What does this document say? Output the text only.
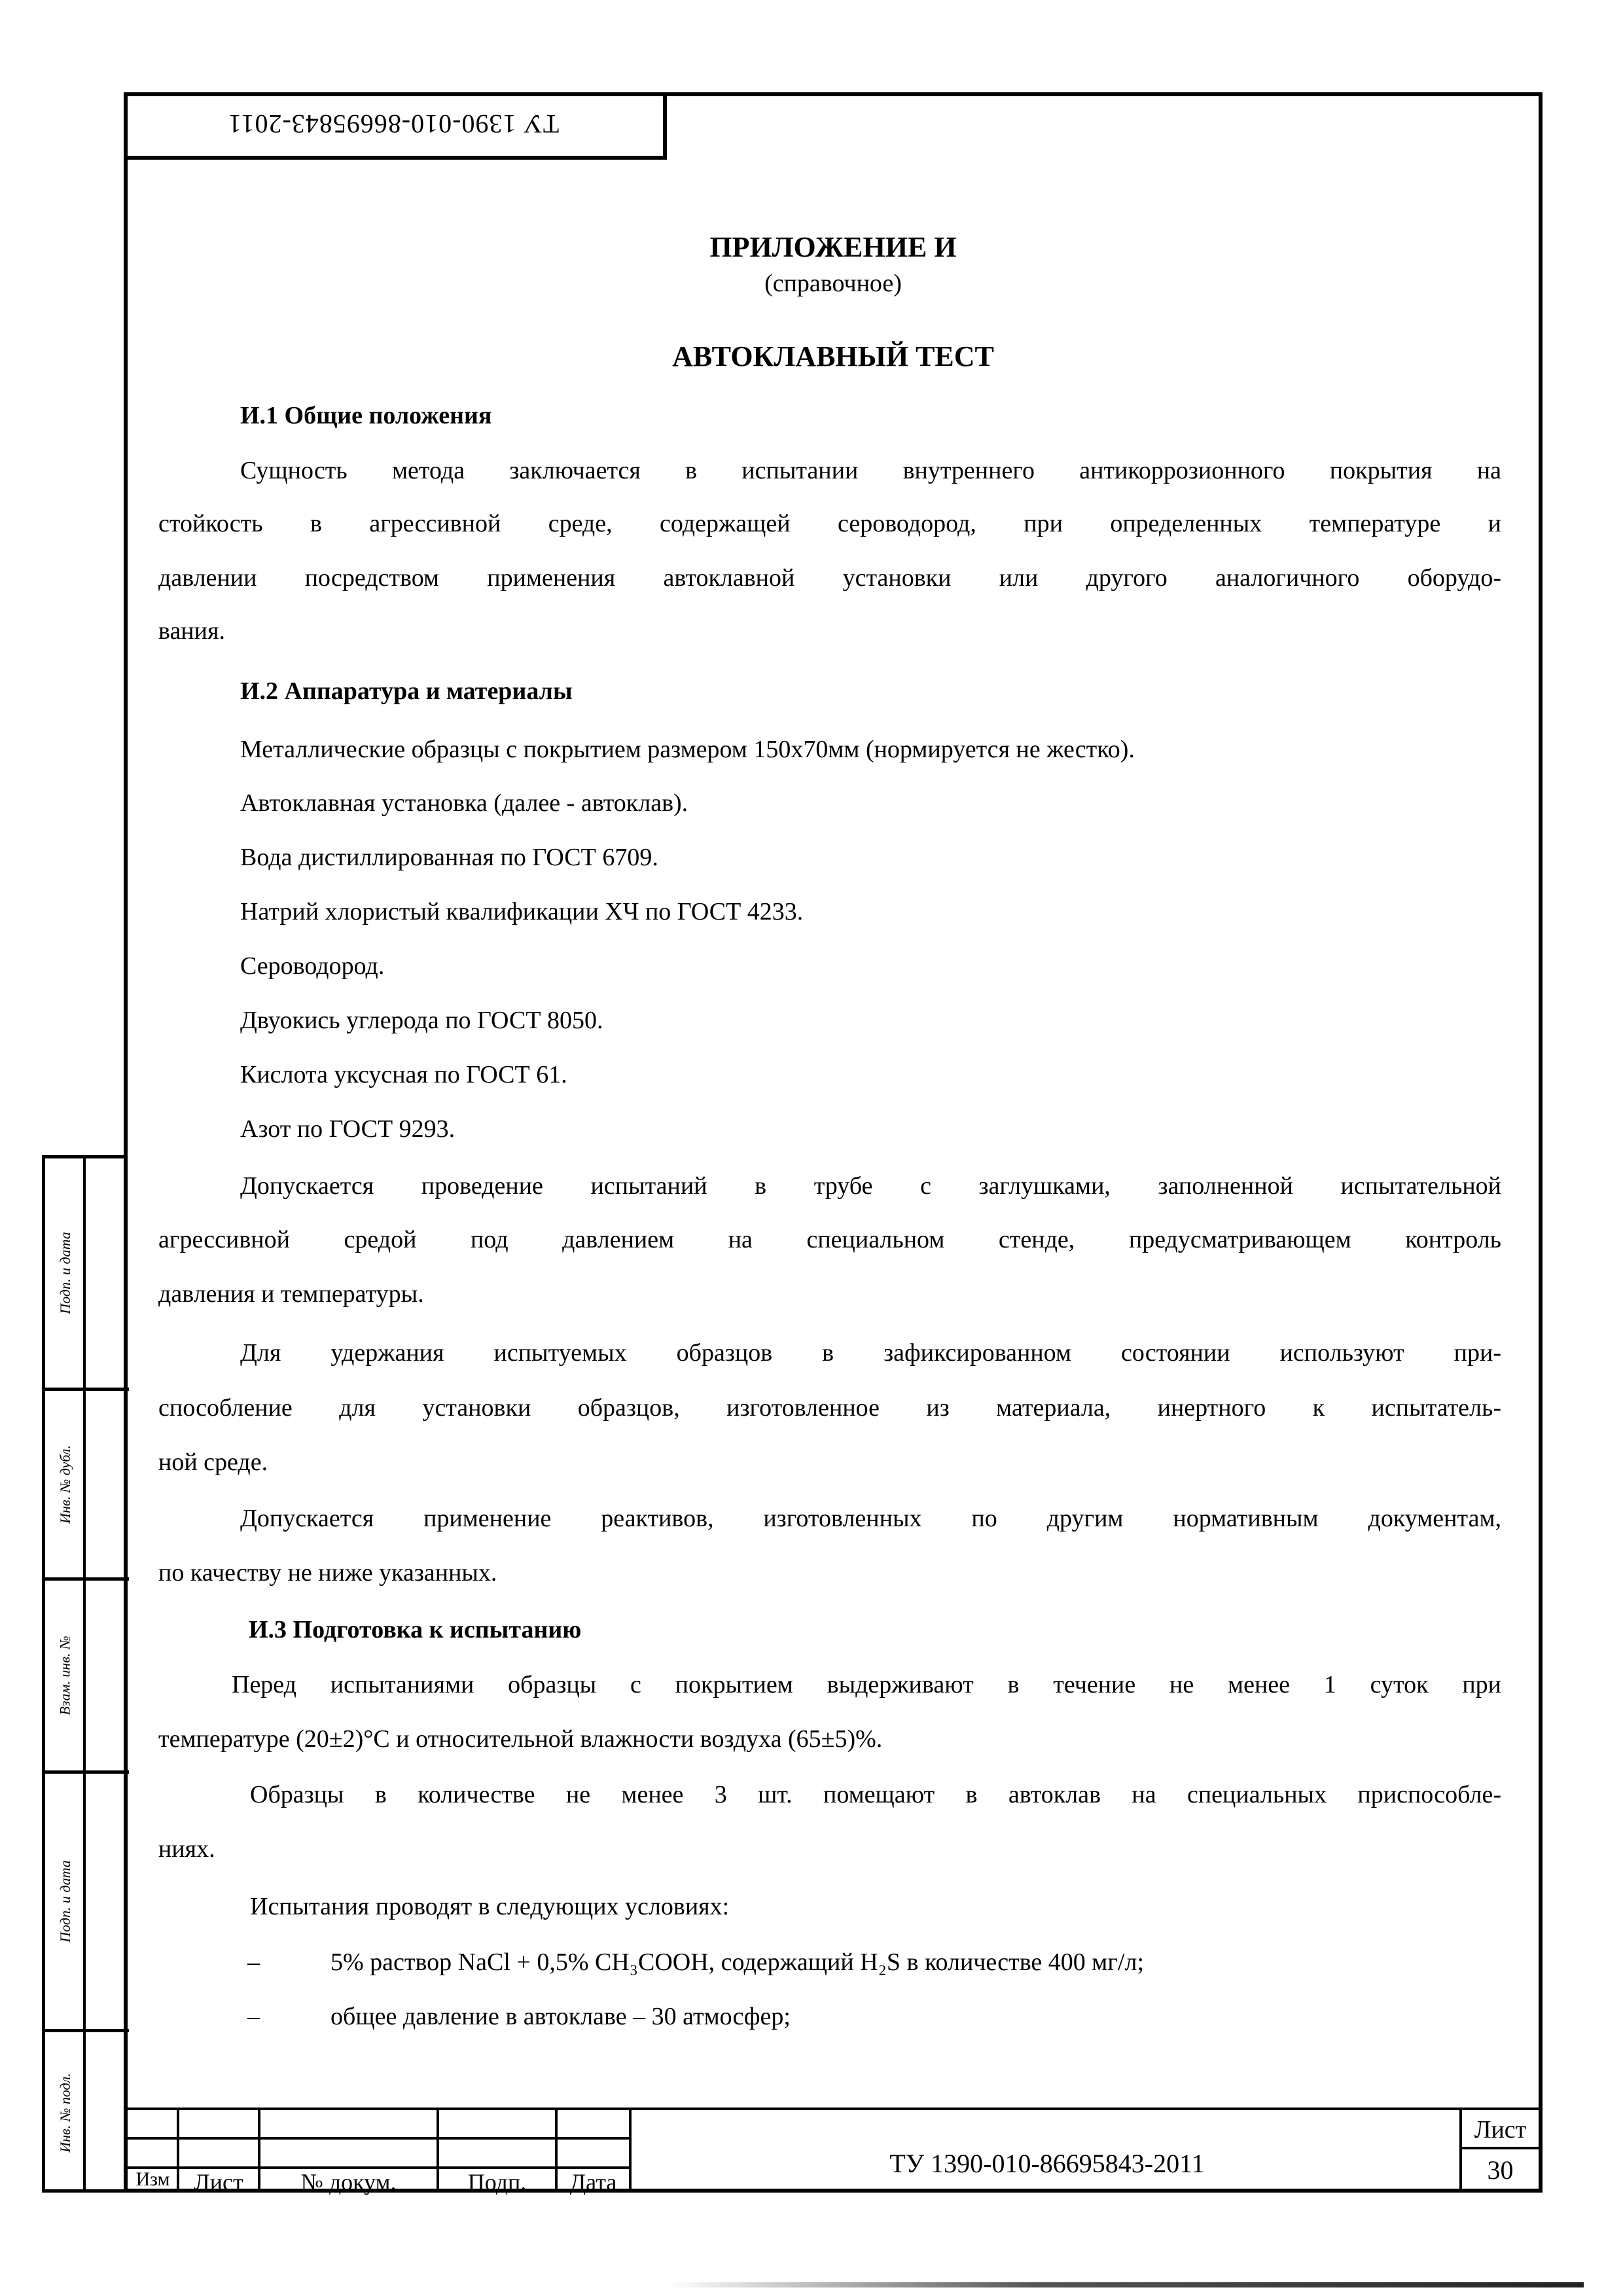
ТУ 1390-010-86695843-2011
ПРИЛОЖЕНИЕ И
(справочное)
АВТОКЛАВНЫЙ ТЕСТ
И.1 Общие положения
Сущность метода заключается в испытании внутреннего антикоррозионного покрытия на
стойкость в агрессивной среде, содержащей сероводород, при определенных температуре и
давлении посредством применения автоклавной установки или другого аналогичного оборудо-
вания.
И.2 Аппаратура и материалы
Металлические образцы с покрытием размером 150х70мм (нормируется не жестко).
Автоклавная установка (далее - автоклав).
Вода дистиллированная по ГОСТ 6709.
Натрий хлористый квалификации ХЧ по ГОСТ 4233.
Сероводород.
Двуокись углерода по ГОСТ 8050.
Кислота уксусная по ГОСТ 61.
Азот по ГОСТ 9293.
Допускается проведение испытаний в трубе с заглушками, заполненной испытательной
агрессивной средой под давлением на специальном стенде, предусматривающем контроль
давления и температуры.
Для удержания испытуемых образцов в зафиксированном состоянии используют при-
способление для установки образцов, изготовленное из материала, инертного к испытатель-
ной среде.
Допускается применение реактивов, изготовленных по другим нормативным документам,
по качеству не ниже указанных.
И.3 Подготовка к испытанию
Перед испытаниями образцы с покрытием выдерживают в течение не менее 1 суток при
температуре (20±2)°С и относительной влажности воздуха (65±5)%.
Образцы в количестве не менее 3 шт. помещают в автоклав на специальных приспособле-
ниях.
Испытания проводят в следующих условиях:
–	5% раствор NaCl + 0,5% CH₃COOH, содержащий H₂S в количестве 400 мг/л;
–	общее давление в автоклаве – 30 атмосфер;
Подп. и дата
Инв. № дубл.
Взам. инв. №
Подп. и дата
Инв. № подл.
Изм	Лист	№ докум.	Подп.	Дата
ТУ 1390-010-86695843-2011
Лист
30
